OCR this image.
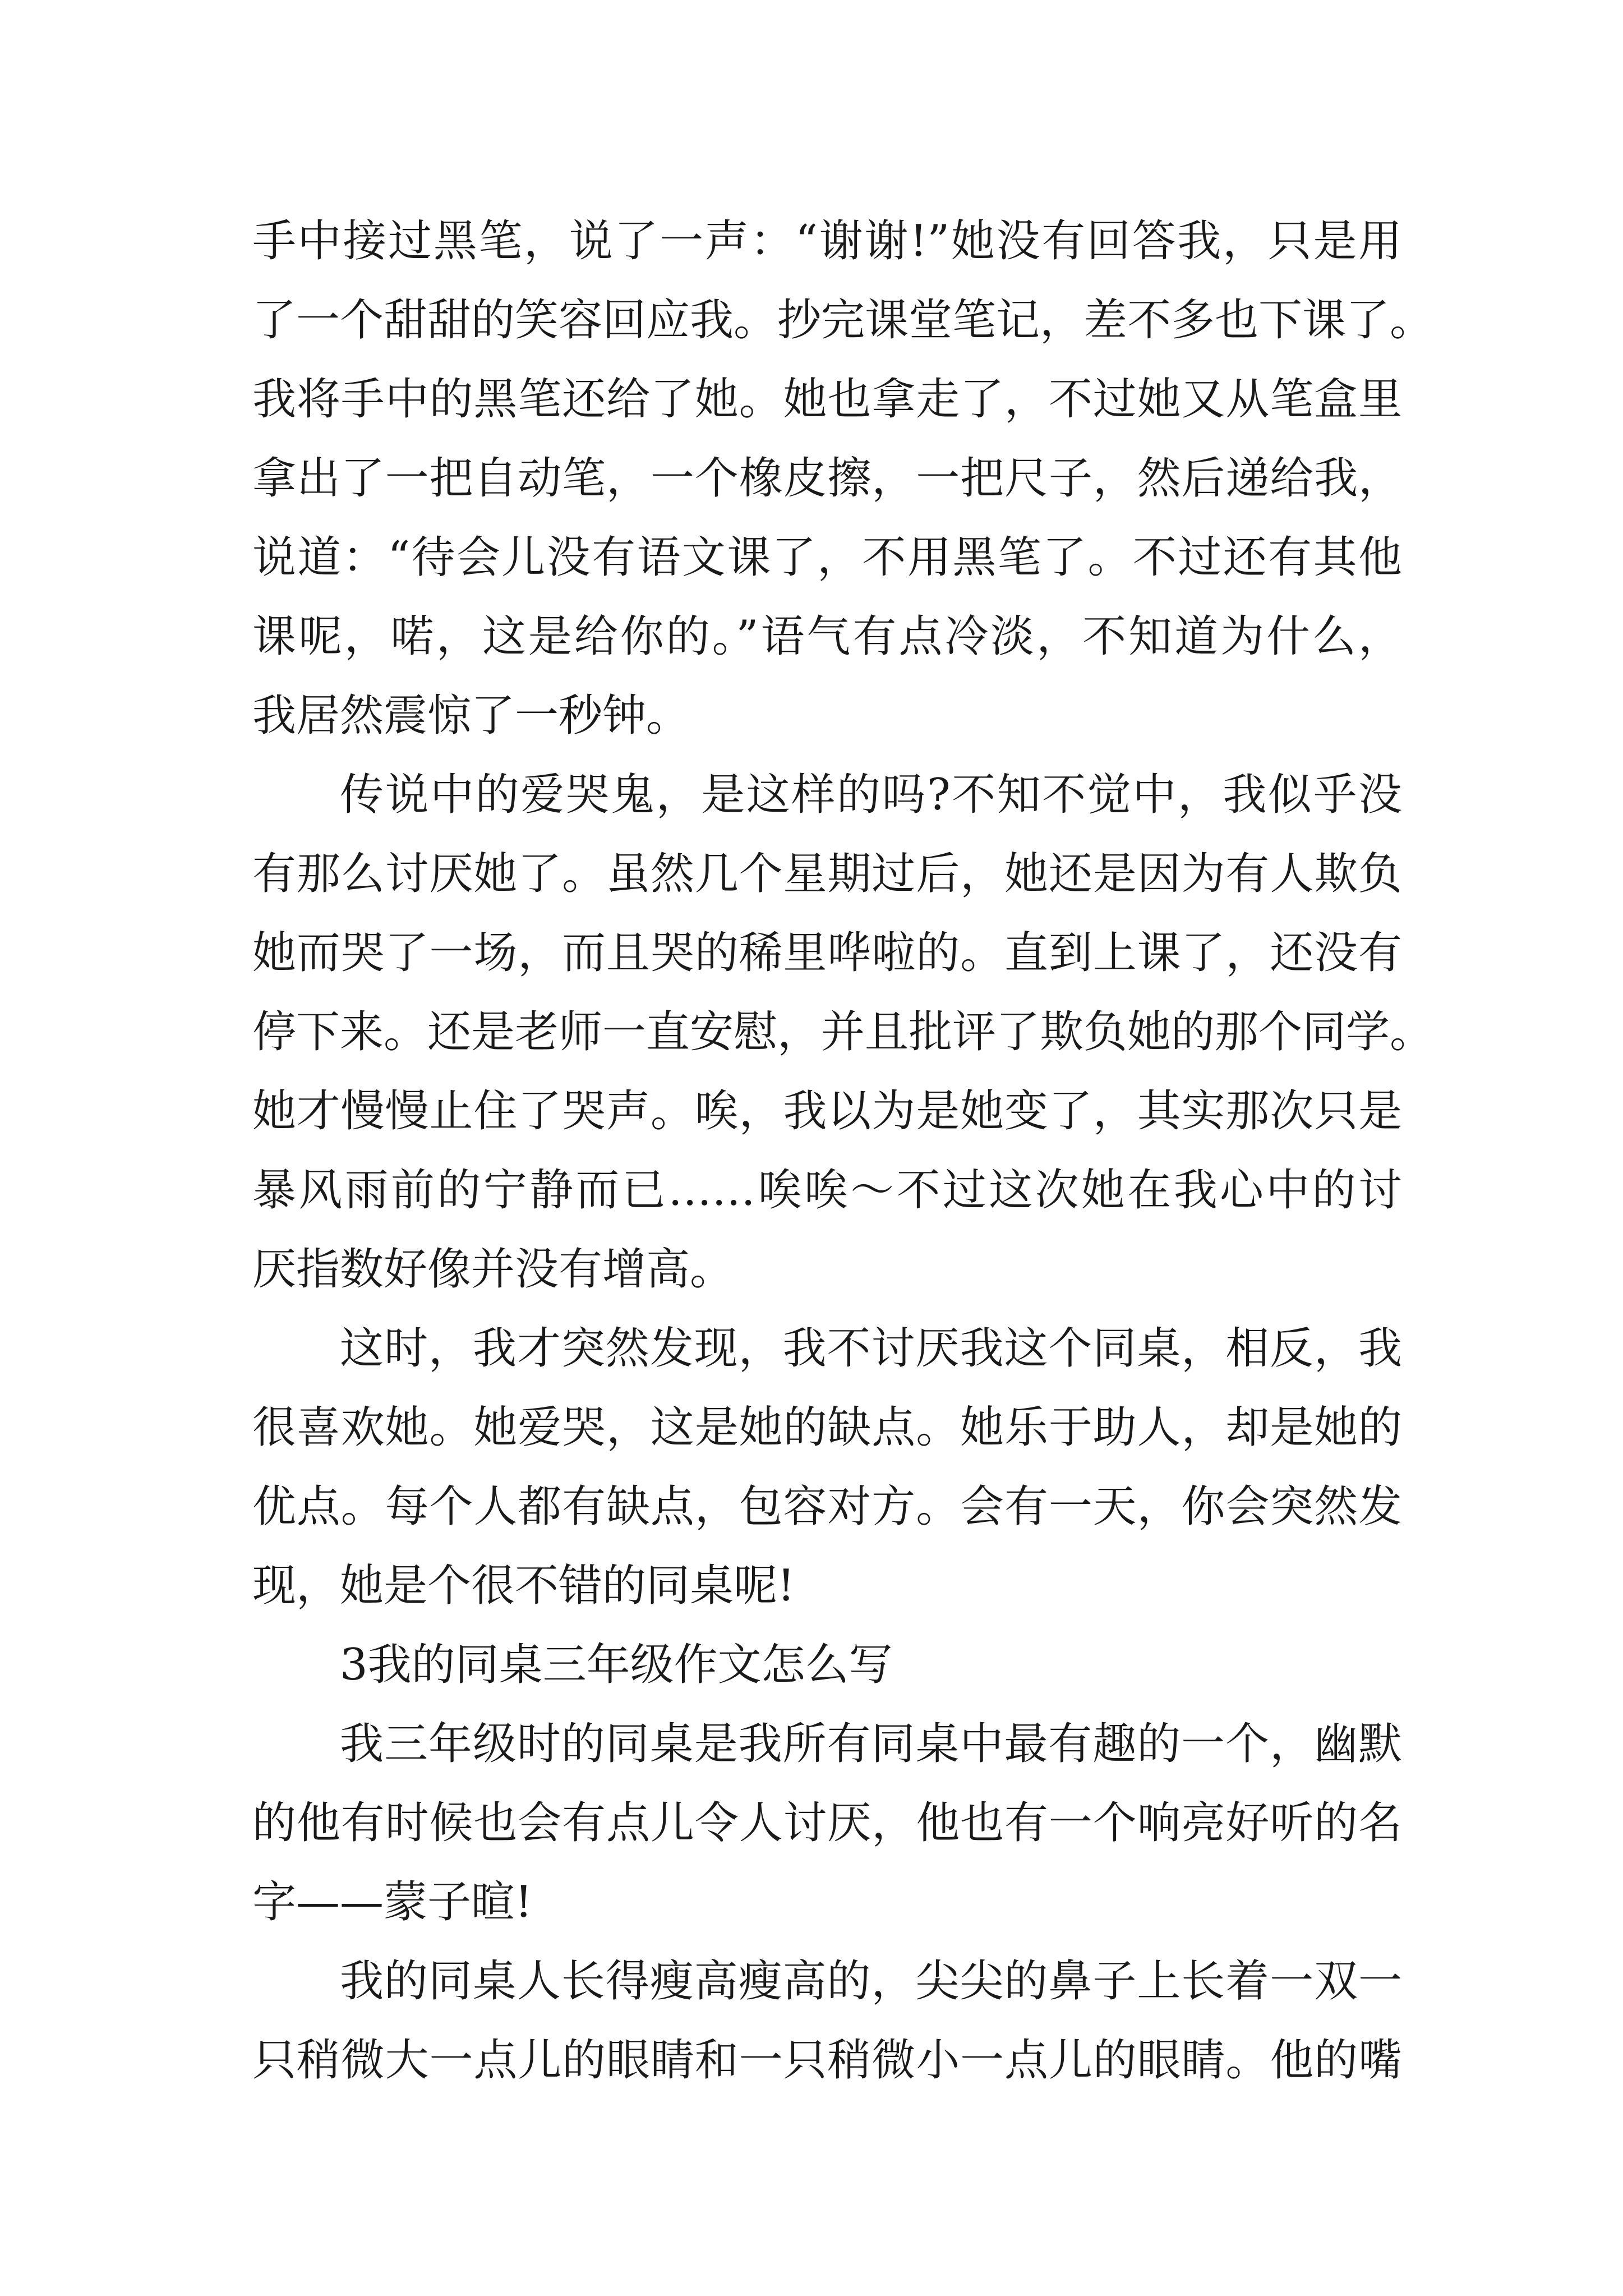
手中接过黑笔，说了一声：“谢谢!”她没有回答我，只是用
了一个甜甜的笑容回应我。抄完课堂笔记，差不多也下课了。
我将手中的黑笔还给了她。她也拿走了，不过她又从笔盒里
拿出了一把自动笔，一个橡皮擦，一把尺子，然后递给我，
说道：“待会儿没有语文课了，不用黑笔了。不过还有其他
课呢，喏，这是给你的。”语气有点冷淡，不知道为什么，
我居然震惊了一秒钟。
传说中的爱哭鬼，是这样的吗?不知不觉中，我似乎没
有那么讨厌她了。虽然几个星期过后，她还是因为有人欺负
她而哭了一场，而且哭的稀里哗啦的。直到上课了，还没有
停下来。还是老师一直安慰，并且批评了欺负她的那个同学。
她才慢慢止住了哭声。唉，我以为是她变了，其实那次只是
暴风雨前的宁静而已……唉唉～不过这次她在我心中的讨
厌指数好像并没有增高。
这时，我才突然发现，我不讨厌我这个同桌，相反，我
很喜欢她。她爱哭，这是她的缺点。她乐于助人，却是她的
优点。每个人都有缺点，包容对方。会有一天，你会突然发
现，她是个很不错的同桌呢!
3我的同桌三年级作文怎么写
我三年级时的同桌是我所有同桌中最有趣的一个，幽默
的他有时候也会有点儿令人讨厌，他也有一个响亮好听的名
字——蒙子暄!
我的同桌人长得瘦高瘦高的，尖尖的鼻子上长着一双一
只稍微大一点儿的眼睛和一只稍微小一点儿的眼睛。他的嘴
